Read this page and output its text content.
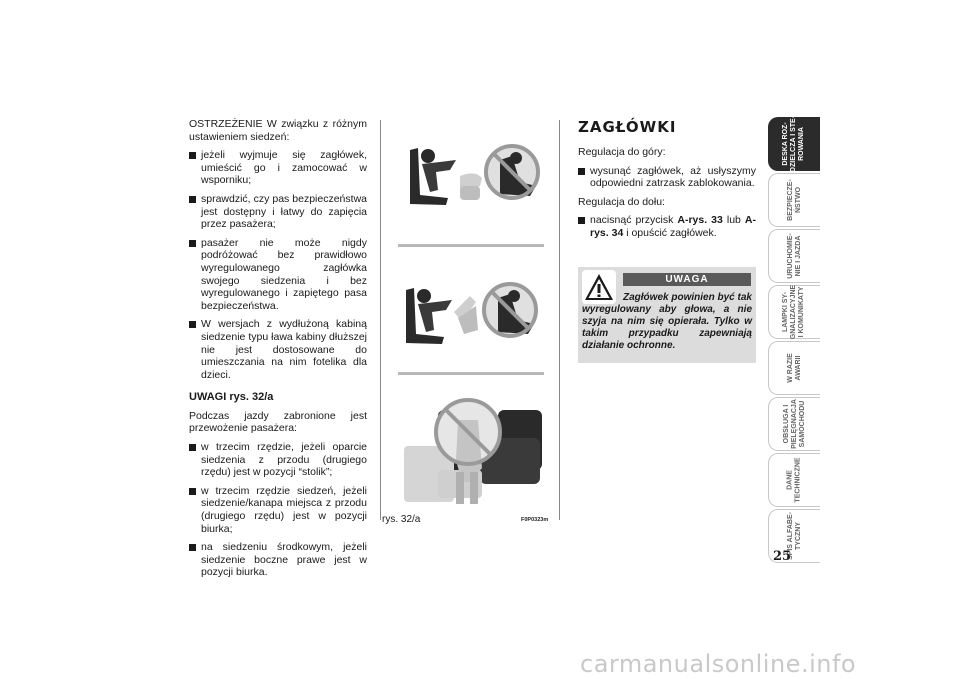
OSTRZEŻENIE W związku z różnym ustawieniem siedzeń:

jeżeli wyjmuje się zagłówek, umieścić go i zamocować w wsporniku;
sprawdzić, czy pas bezpieczeństwa jest dostępny i łatwy do zapięcia przez pasażera;
pasażer nie może nigdy podróżować bez prawidłowo wyregulowanego zagłówka swojego siedzenia i bez wyregulowanego i zapiętego pasa bezpieczeństwa.
W wersjach z wydłużoną kabiną siedzenie typu ława kabiny dłuższej nie jest dostosowane do umieszczania na nim fotelika dla dzieci.
UWAGI rys. 32/a

Podczas jazdy zabronione jest przewożenie pasażera:

w trzecim rzędzie, jeżeli oparcie siedzenia z przodu (drugiego rzędu) jest w pozycji “stolik”;
w trzecim rzędzie siedzeń, jeżeli siedzenie/kanapa miejsca z przodu (drugiego rzędu) jest w pozycji biurka;
na siedzeniu środkowym, jeżeli siedzenie boczne prawe jest w pozycji biurka.
rys. 32/a	F0P0323m
ZAGŁÓWKI

Regulacja do góry:

wysunąć zagłówek, aż usłyszymy odpowiedni zatrzask zablokowania.

Regulacja do dołu:

nacisnąć przycisk A-rys. 33 lub A-rys. 34 i opuścić zagłówek.
UWAGA
Zagłówek powinien być tak wyregulowany aby głowa, a nie szyja na nim się opierała. Tylko w takim przypadku zapewniają działanie ochronne.
DESKA ROZ-
DZIELCZA I STE-
ROWANIA
BEZPIECZE-
ŃSTWO
URUCHOMIE-
NIE I JAZDA
LAMPKI SY-
GNALIZACYJNE
I KOMUNIKATY
W RAZIE
AWARII
OBSŁUGA I
PIELĘGNACJA
SAMOCHODU
DANE
TECHNICZNE
SPIS ALFABE-
TYCZNY
25
carmanualsonline.info
